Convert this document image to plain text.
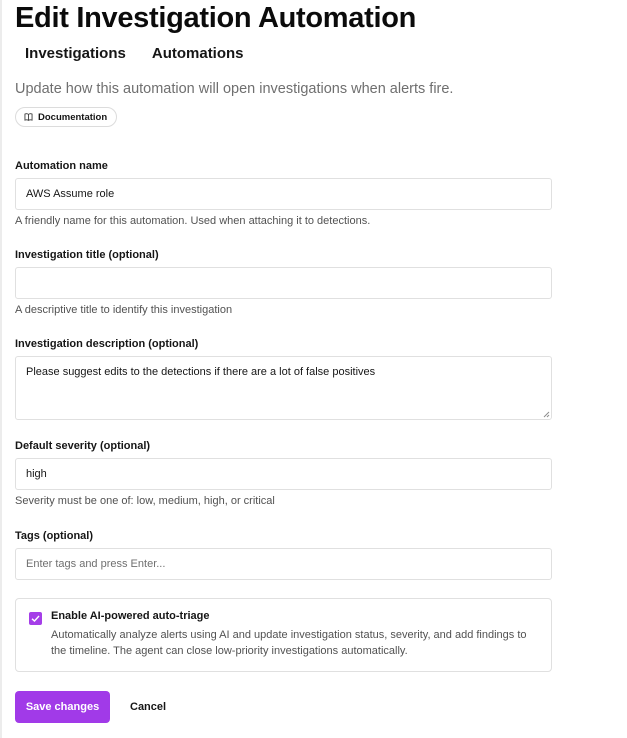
Edit Investigation Automation
Investigations Automations
Update how this automation will open investigations when alerts fire.
Documentation
Automation name
AWS Assume role
A friendly name for this automation. Used when attaching it to detections.
Investigation title (optional)
A descriptive title to identify this investigation
Investigation description (optional)
Please suggest edits to the detections if there are a lot of false positives
Default severity (optional)
high
Severity must be one of: low, medium, high, or critical
Tags (optional)
Enter tags and press Enter...
Enable AI-powered auto-triage
Automatically analyze alerts using AI and update investigation status, severity, and add findings to the timeline. The agent can close low-priority investigations automatically.
Save changes	Cancel
